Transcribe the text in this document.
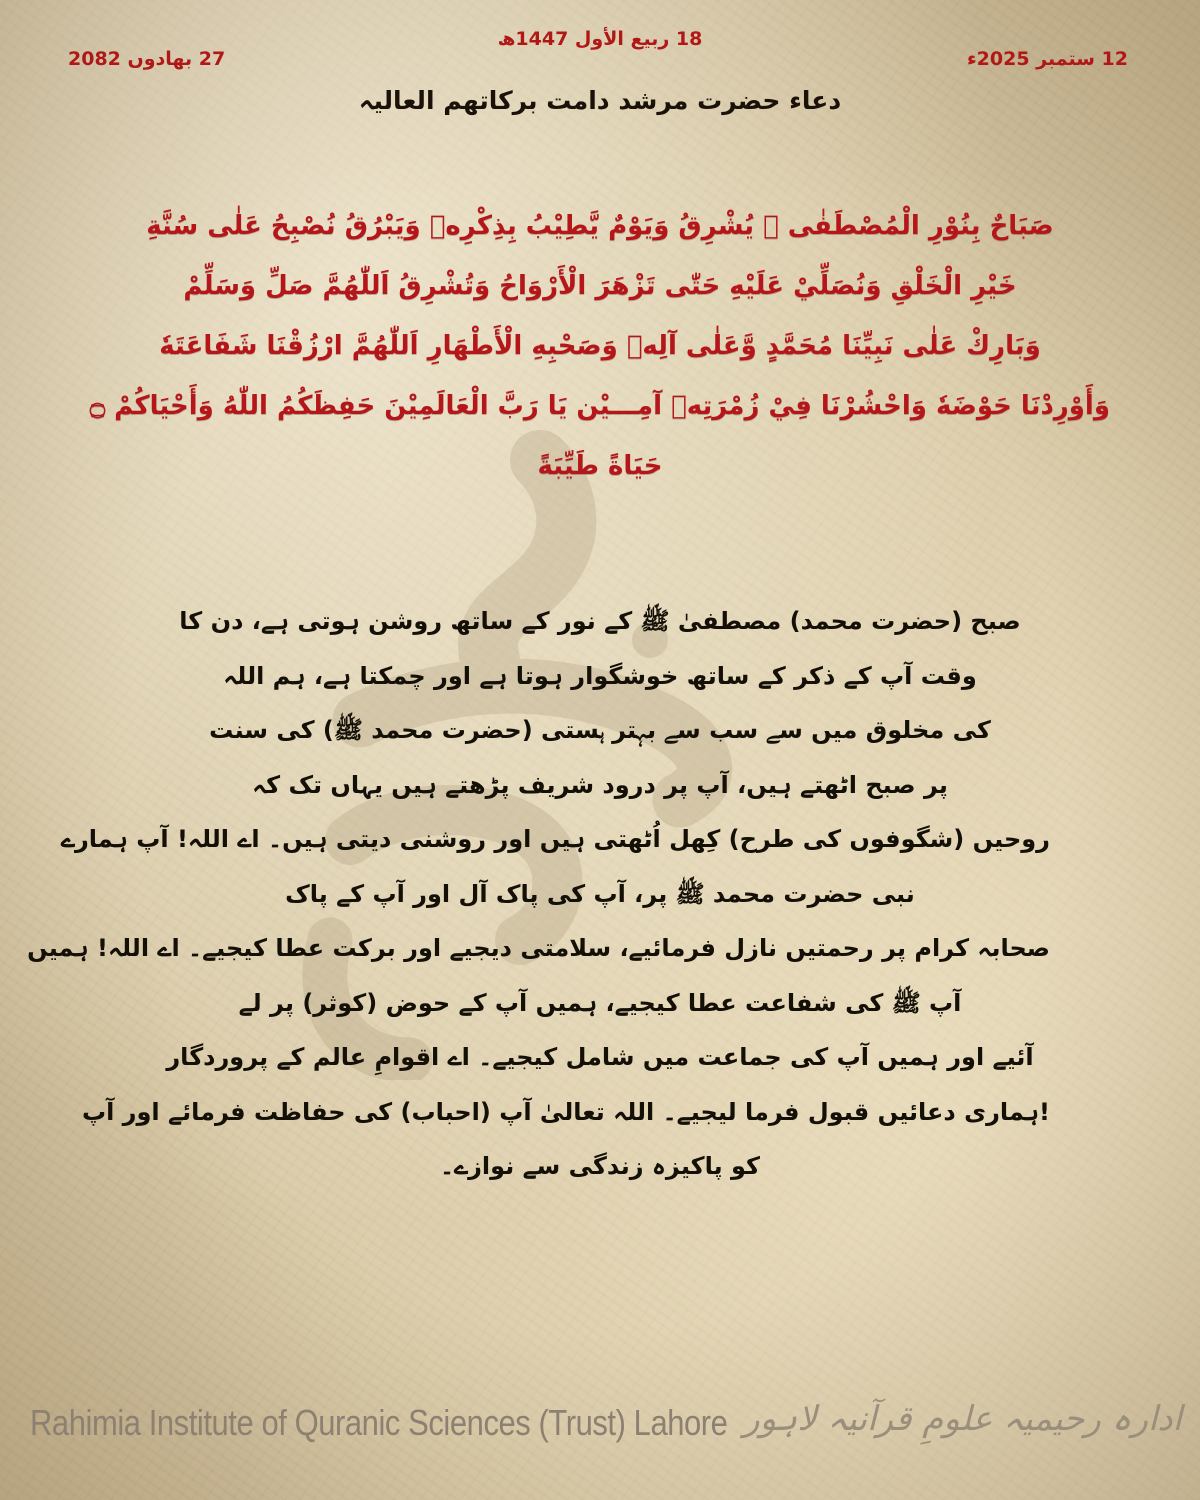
18 ربیع الأول 1447ھ
12 ستمبر 2025ء
27 بھادوں 2082
دعاء حضرت مرشد دامت برکاتھم العالیہ
صَبَاحٌ بِنُوْرِ الْمُصْطَفٰی ﷺ يُشْرِقُ وَيَوْمٌ يَّطِيْبُ بِذِكْرِهٖ وَيَبْرُقُ نُصْبِحُ عَلٰى سُنَّةِ
خَيْرِ الْخَلْقِ وَنُصَلِّيْ عَلَيْهِ حَتّٰى تَزْهَرَ الْأَرْوَاحُ وَتُشْرِقُ اَللّٰهُمَّ صَلِّ وَسَلِّمْ
وَبَارِكْ عَلٰى نَبِيِّنَا مُحَمَّدٍ وَّعَلٰى آلِهٖ وَصَحْبِهِ الْأَطْهَارِ اَللّٰهُمَّ ارْزُقْنَا شَفَاعَتَهٗ
وَأَوْرِدْنَا حَوْضَهٗ وَاحْشُرْنَا فِيْ زُمْرَتِهٖ آمِـــيْن يَا رَبَّ الْعَالَمِيْنَ حَفِظَكُمُ اللّٰهُ وَأَحْيَاكُمْ ۝
حَيَاةً طَيِّبَةً
صبح (حضرت محمد) مصطفیٰ ﷺ کے نور کے ساتھ روشن ہوتی ہے، دن کا
وقت آپ کے ذکر کے ساتھ خوشگوار ہوتا ہے اور چمکتا ہے، ہم اللہ
کی مخلوق میں سے سب سے بہتر ہستی (حضرت محمد ﷺ) کی سنت
پر صبح اٹھتے ہیں، آپ پر درود شریف پڑھتے ہیں یہاں تک کہ
روحیں (شگوفوں کی طرح) کِھل اُٹھتی ہیں اور روشنی دیتی ہیں۔ اے اللہ! آپ ہمارے
نبی حضرت محمد ﷺ پر، آپ کی پاک آل اور آپ کے پاک
صحابہ کرام پر رحمتیں نازل فرمائیے، سلامتی دیجیے اور برکت عطا کیجیے۔ اے اللہ! ہمیں
آپ ﷺ کی شفاعت عطا کیجیے، ہمیں آپ کے حوض (کوثر) پر لے
آئیے اور ہمیں آپ کی جماعت میں شامل کیجیے۔ اے اقوامِ عالم کے پروردگار
!ہماری دعائیں قبول فرما لیجیے۔ اللہ تعالیٰ آپ (احباب) کی حفاظت فرمائے اور آپ
کو پاکیزہ زندگی سے نوازے۔
Rahimia Institute of Quranic Sciences (Trust) Lahore ادارہ رحیمیہ علومِ قرآنیہ لاہور
